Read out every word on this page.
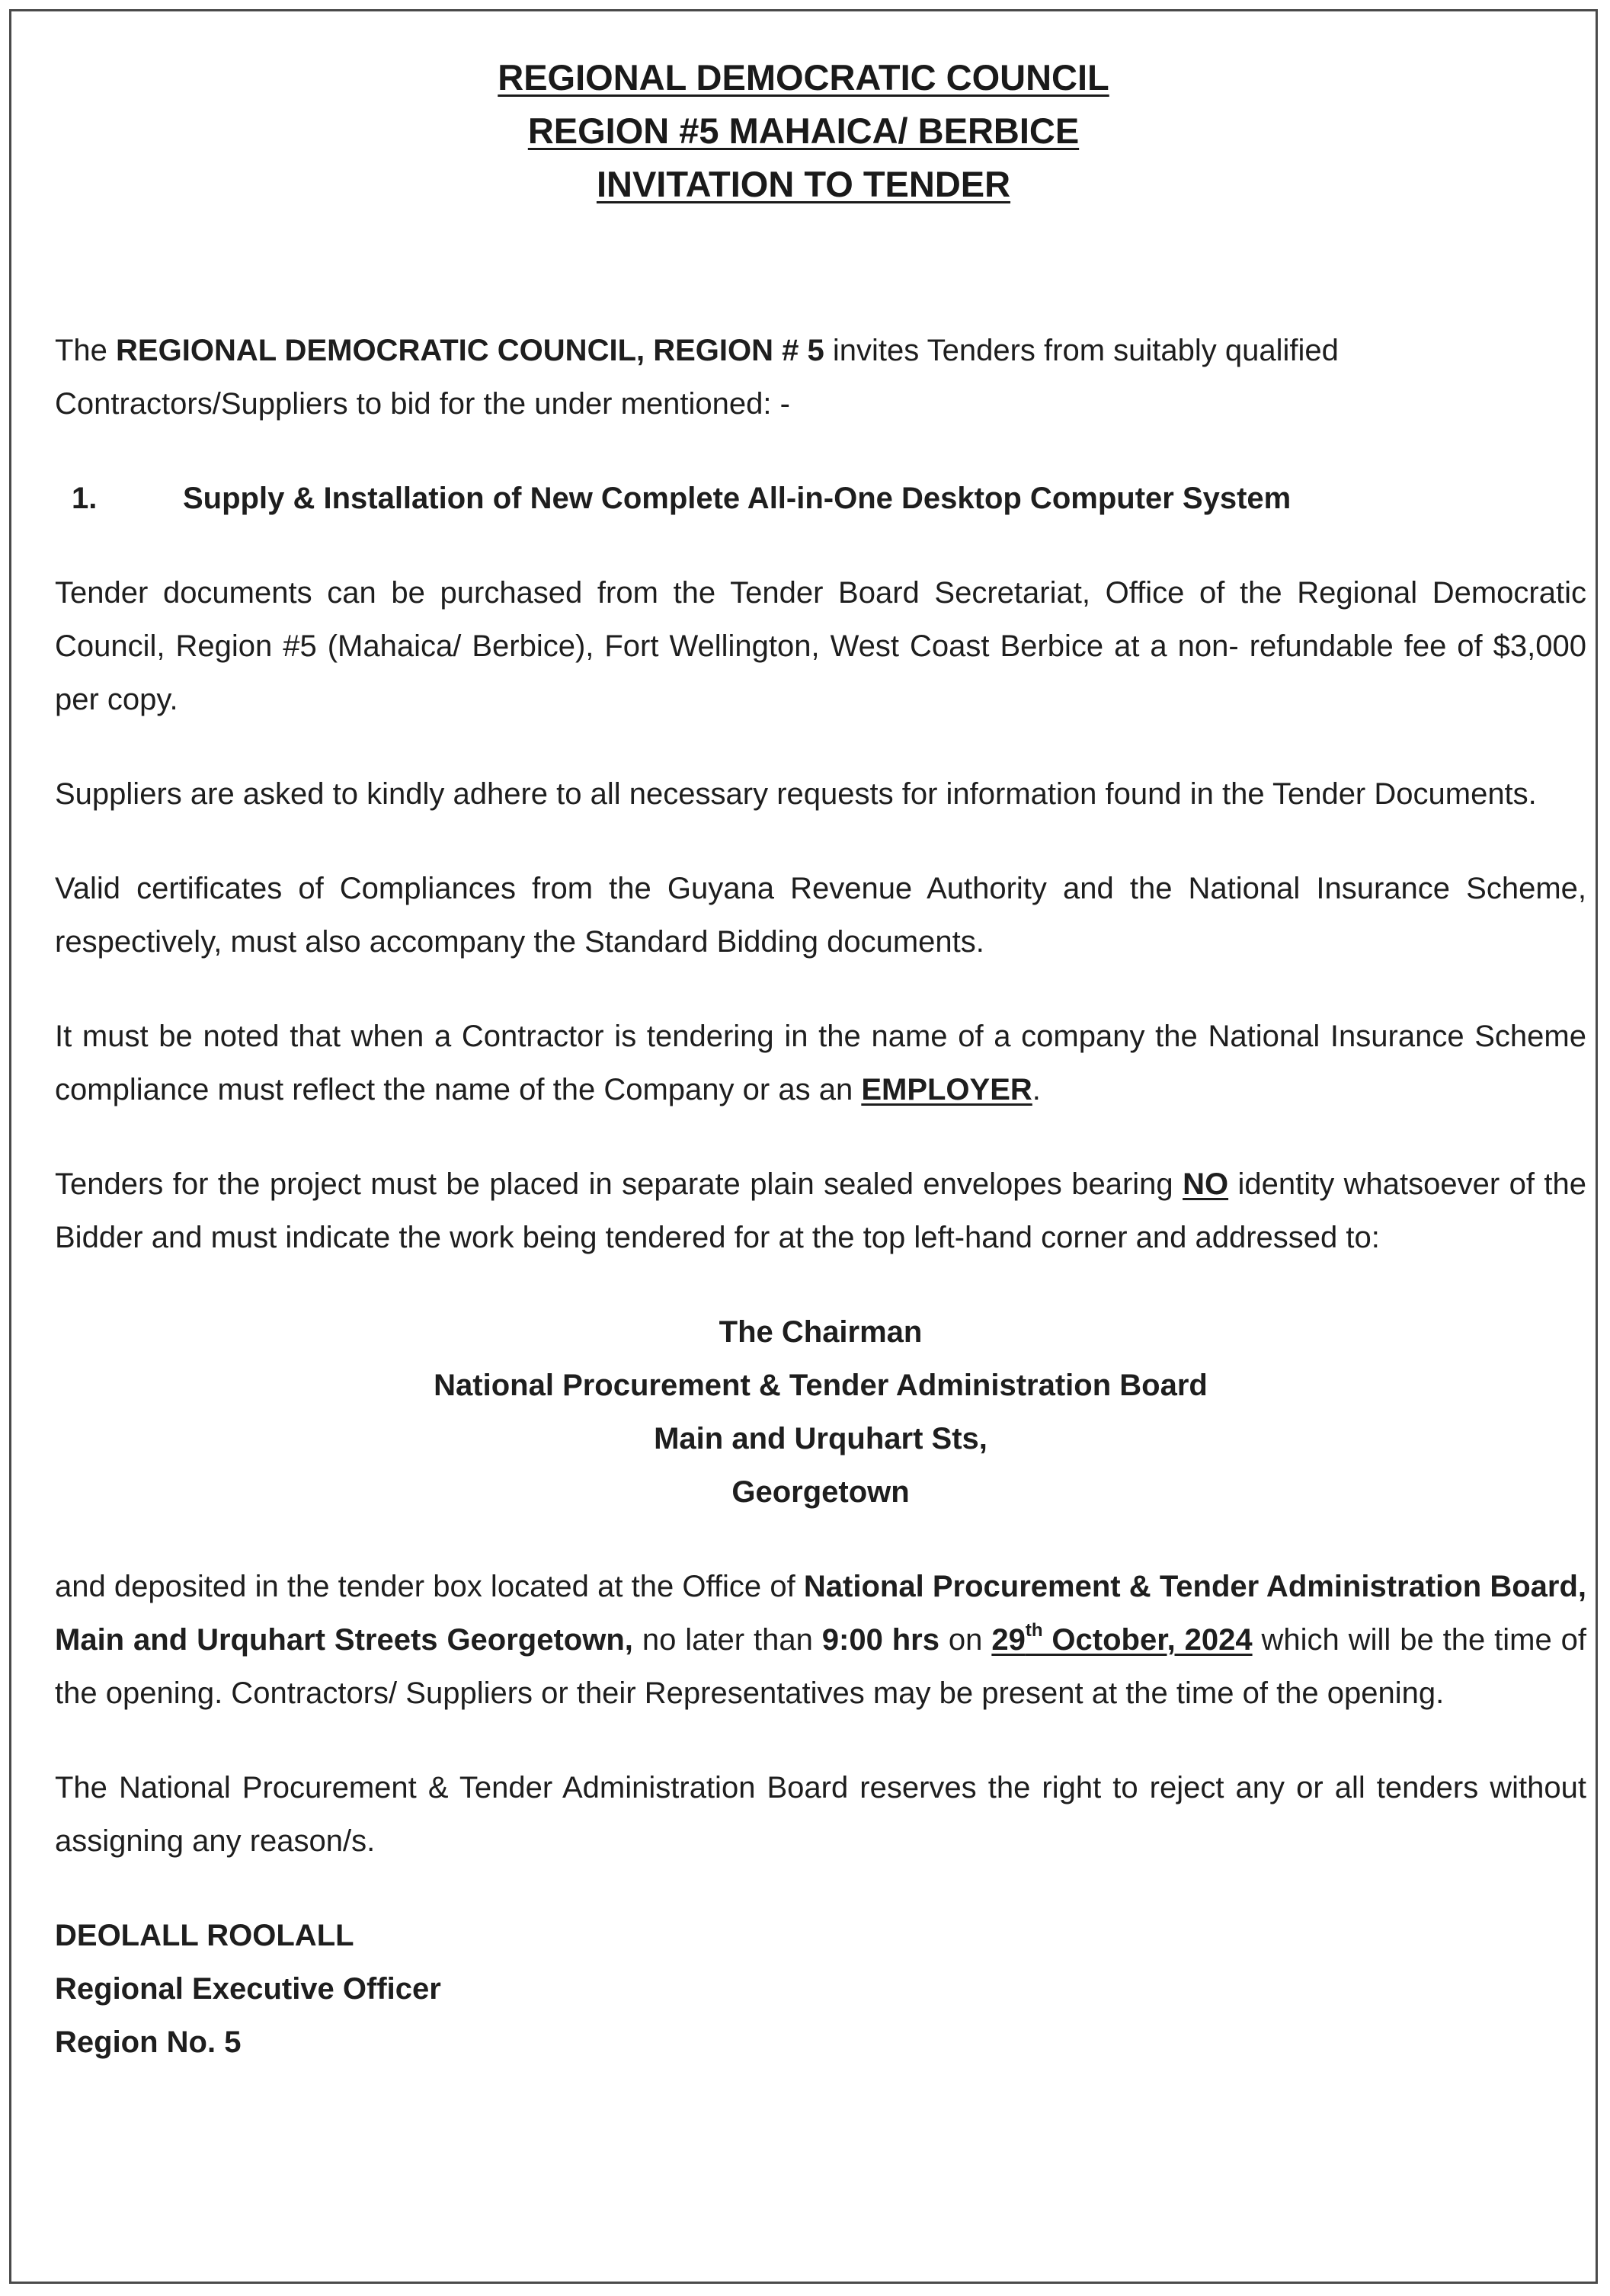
REGIONAL DEMOCRATIC COUNCIL
REGION #5 MAHAICA/ BERBICE
INVITATION TO TENDER

The REGIONAL DEMOCRATIC COUNCIL, REGION # 5 invites Tenders from suitably qualified Contractors/Suppliers to bid for the under mentioned: -

1.	Supply & Installation of New Complete All-in-One Desktop Computer System

Tender documents can be purchased from the Tender Board Secretariat, Office of the Regional Democratic Council, Region #5 (Mahaica/ Berbice), Fort Wellington, West Coast Berbice at a non- refundable fee of $3,000 per copy.

Suppliers are asked to kindly adhere to all necessary requests for information found in the Tender Documents.

Valid certificates of Compliances from the Guyana Revenue Authority and the National Insurance Scheme, respectively, must also accompany the Standard Bidding documents.

It must be noted that when a Contractor is tendering in the name of a company the National Insurance Scheme compliance must reflect the name of the Company or as an EMPLOYER.

Tenders for the project must be placed in separate plain sealed envelopes bearing NO identity whatsoever of the Bidder and must indicate the work being tendered for at the top left-hand corner and addressed to:

The Chairman
National Procurement & Tender Administration Board
Main and Urquhart Sts,
Georgetown

and deposited in the tender box located at the Office of National Procurement & Tender Administration Board, Main and Urquhart Streets Georgetown, no later than 9:00 hrs on 29th October, 2024 which will be the time of the opening. Contractors/ Suppliers or their Representatives may be present at the time of the opening.

The National Procurement & Tender Administration Board reserves the right to reject any or all tenders without assigning any reason/s.

DEOLALL ROOLALL
Regional Executive Officer
Region No. 5
